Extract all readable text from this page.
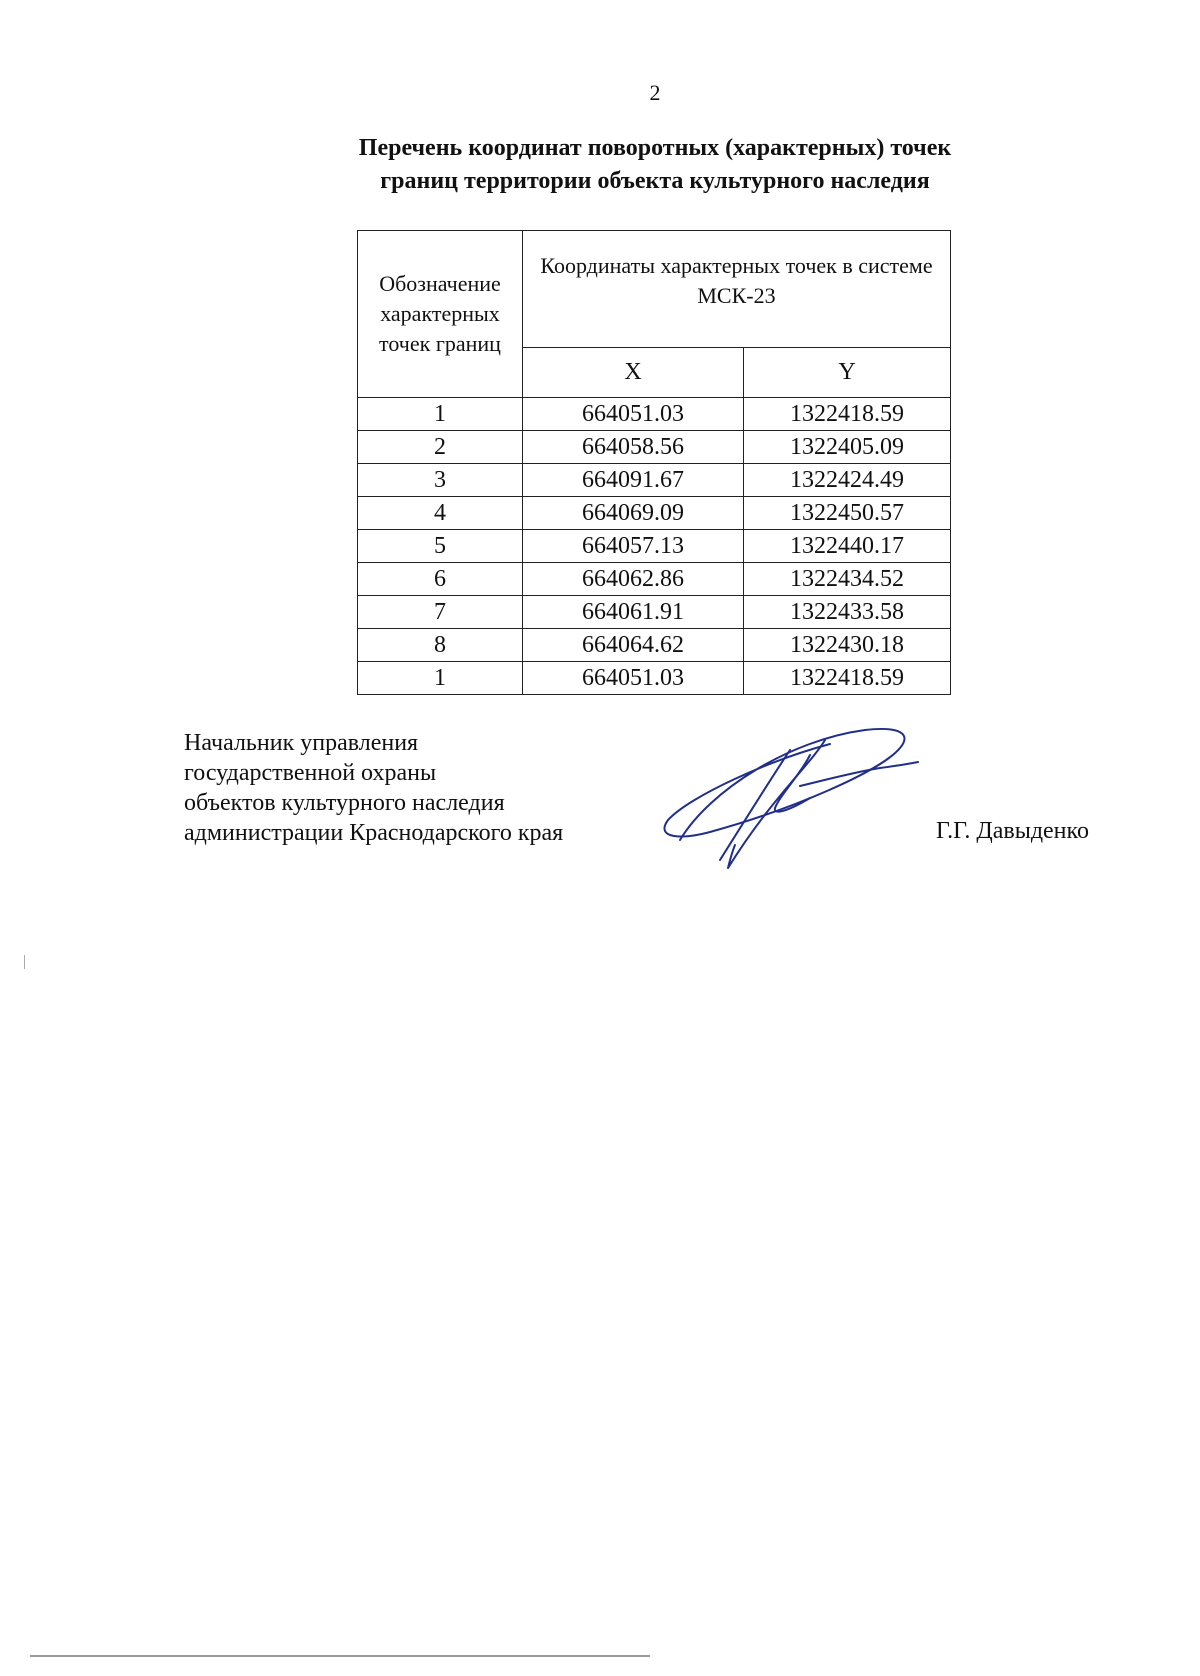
2
Перечень координат поворотных (характерных) точек
границ территории объекта культурного наследия
Обозначение характерных точек границ	Координаты характерных точек в системе МСК-23	
	X	Y
1	664051.03	1322418.59
2	664058.56	1322405.09
3	664091.67	1322424.49
4	664069.09	1322450.57
5	664057.13	1322440.17
6	664062.86	1322434.52
7	664061.91	1322433.58
8	664064.62	1322430.18
1	664051.03	1322418.59
Начальник управления
государственной охраны
объектов культурного наследия
администрации Краснодарского края	Г.Г. Давыденко
